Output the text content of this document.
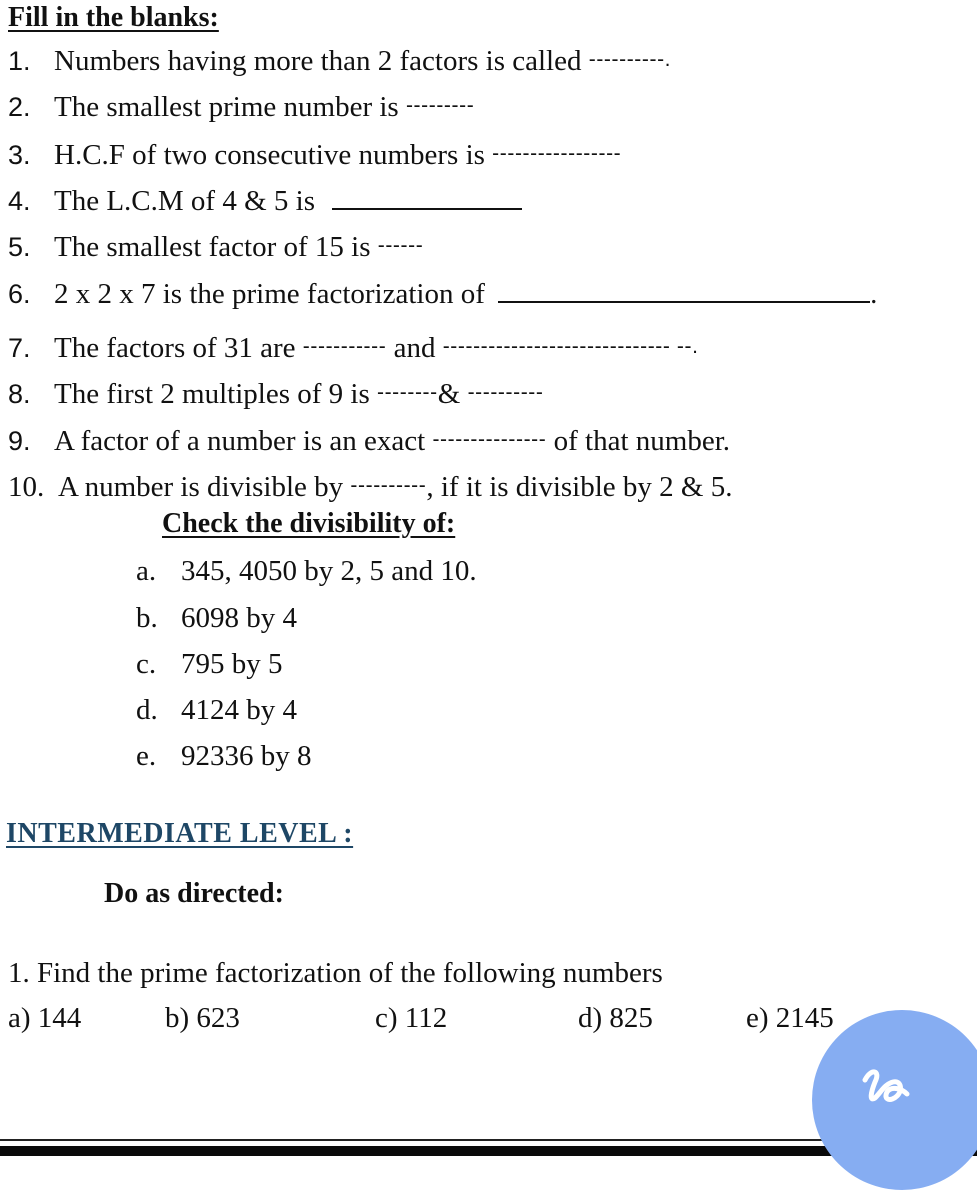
Fill in the blanks:
1. Numbers having more than 2 factors is called ----------.
2. The smallest prime number is ---------
3. H.C.F of two consecutive numbers is -----------------
4. The L.C.M of 4 & 5 is
5. The smallest factor of 15 is ------
6. 2 x 2 x 7 is the prime factorization of	.
7. The factors of 31 are ----------- and ------------------------------ --.
8. The first 2 multiples of 9 is --------& ----------
9. A factor of a number is an exact --------------- of that number.
10. A number is divisible by ----------, if it is divisible by 2 & 5.
Check the divisibility of:
a. 345, 4050 by 2, 5 and 10.
b. 6098 by 4
c. 795 by 5
d. 4124 by 4
e. 92336 by 8
INTERMEDIATE LEVEL :
Do as directed:
1. Find the prime factorization of the following numbers
a) 144	b) 623	c) 112	d) 825	e) 2145
